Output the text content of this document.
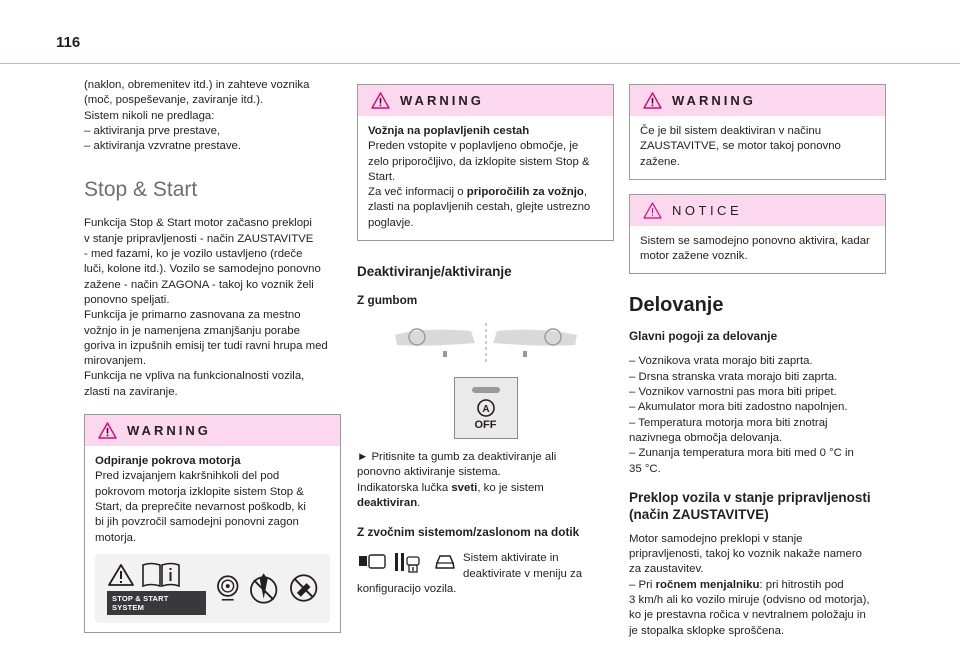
116

(naklon, obremenitev itd.) in zahteve voznika

(moč, pospeševanje, zaviranje itd.).

Sistem nikoli ne predlaga:

– aktiviranja prve prestave,
– aktiviranja vzvratne prestave.
Stop & Start

Funkcija Stop & Start motor začasno preklopi

v stanje pripravljenosti - način ZAUSTAVITVE

- med fazami, ko je vozilo ustavljeno (rdeče

luči, kolone itd.). Vozilo se samodejno ponovno

zažene - način ZAGONA - takoj ko voznik želi

ponovno speljati.

Funkcija je primarno zasnovana za mestno

vožnjo in je namenjena zmanjšanju porabe

goriva in izpušnih emisij ter tudi ravni hrupa med

mirovanjem.

Funkcija ne vpliva na funkcionalnosti vozila,

zlasti na zaviranje.

WARNING

Odpiranje pokrova motorja

Pred izvajanjem kakršnihkoli del pod

pokrovom motorja izklopite sistem Stop &

Start, da preprečite nevarnost poškodb, ki

bi jih povzročil samodejni ponovni zagon

motorja.

STOP & START SYSTEM
WARNING

Vožnja na poplavljenih cestah

Preden vstopite v poplavljeno območje, je

zelo priporočljivo, da izklopite sistem Stop &

Start.

Za več informacij o priporočilih za vožnjo,

zlasti na poplavljenih cestah, glejte ustrezno

poglavje.

Deaktiviranje/aktiviranje
Z gumbom
A
OFF

► Pritisnite ta gumb za deaktiviranje ali

ponovno aktiviranje sistema.

Indikatorska lučka sveti, ko je sistem

deaktiviran.

Z zvočnim sistemom/zaslonom na dotik

Sistem aktivirate in

deaktivirate v meniju za

konfiguracijo vozila.

WARNING

Če je bil sistem deaktiviran v načinu

ZAUSTAVITVE, se motor takoj ponovno

zažene.

NOTICE

Sistem se samodejno ponovno aktivira, kadar

motor zažene voznik.

Delovanje
Glavni pogoji za delovanje
– Voznikova vrata morajo biti zaprta.
– Drsna stranska vrata morajo biti zaprta.
– Voznikov varnostni pas mora biti pripet.
– Akumulator mora biti zadostno napolnjen.
– Temperatura motorja mora biti znotraj
nazivnega območja delovanja.
– Zunanja temperatura mora biti med 0 °C in
35 °C.
Preklop vozila v stanje pripravljenosti (način ZAUSTAVITVE)

Motor samodejno preklopi v stanje

pripravljenosti, takoj ko voznik nakaže namero

za zaustavitev.

– Pri ročnem menjalniku: pri hitrostih pod

3 km/h ali ko vozilo miruje (odvisno od motorja),

ko je prestavna ročica v nevtralnem položaju in

je stopalka sklopke sproščena.
